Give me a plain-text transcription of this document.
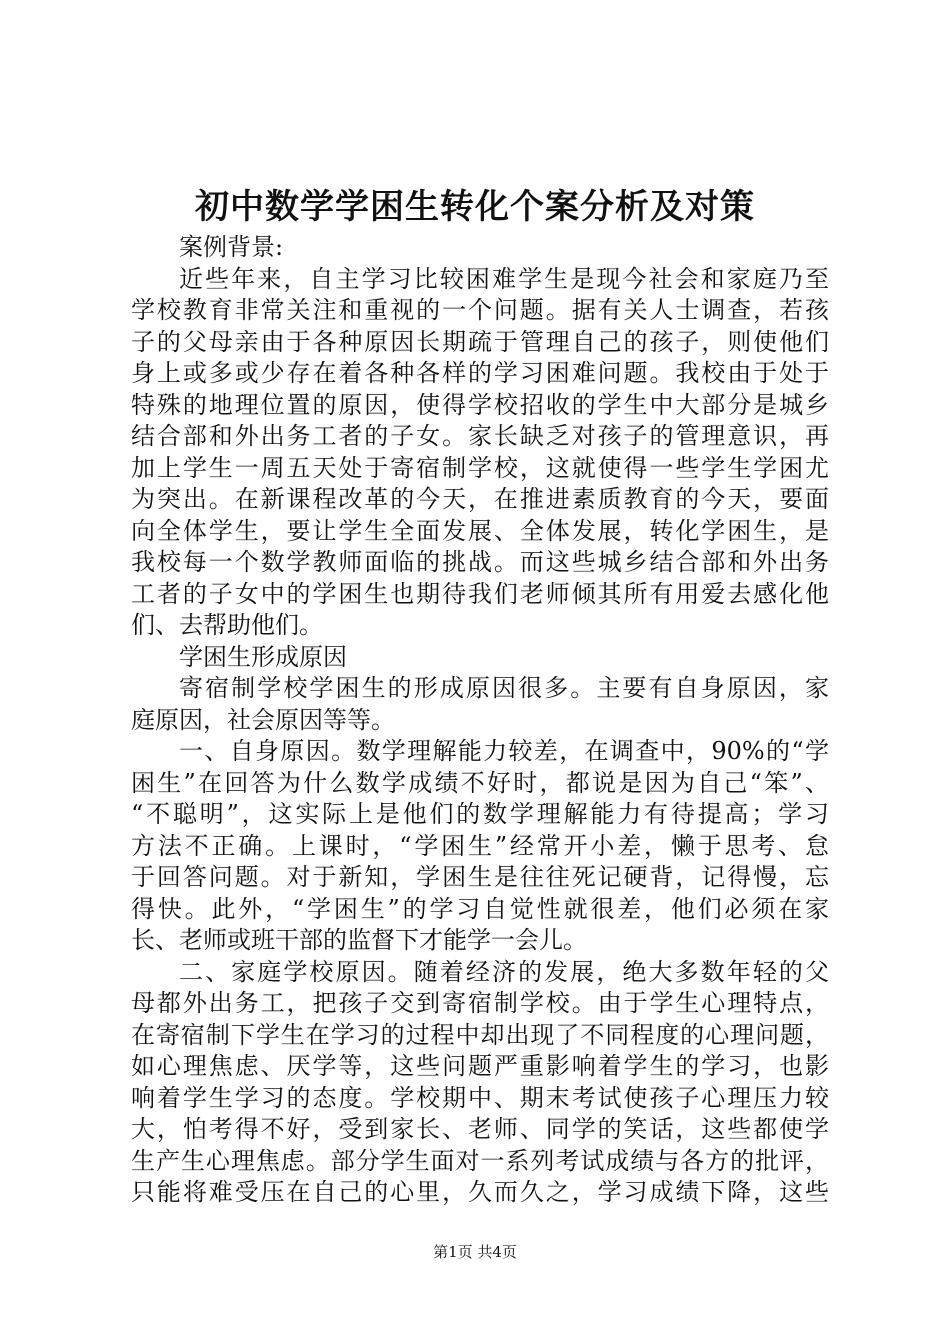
初中数学学困生转化个案分析及对策
案例背景:
近些年来，自主学习比较困难学生是现今社会和家庭乃至
学校教育非常关注和重视的一个问题。据有关人士调查，若孩
子的父母亲由于各种原因长期疏于管理自己的孩子，则使他们
身上或多或少存在着各种各样的学习困难问题。我校由于处于
特殊的地理位置的原因，使得学校招收的学生中大部分是城乡
结合部和外出务工者的子女。家长缺乏对孩子的管理意识，再
加上学生一周五天处于寄宿制学校，这就使得一些学生学困尤
为突出。在新课程改革的今天，在推进素质教育的今天，要面
向全体学生，要让学生全面发展、全体发展，转化学困生，是
我校每一个数学教师面临的挑战。而这些城乡结合部和外出务
工者的子女中的学困生也期待我们老师倾其所有用爱去感化他
们、去帮助他们。
学困生形成原因
寄宿制学校学困生的形成原因很多。主要有自身原因，家
庭原因，社会原因等等。
一、自身原因。数学理解能力较差，在调查中，90%的“学
困生”在回答为什么数学成绩不好时，都说是因为自己“笨”、
“不聪明”，这实际上是他们的数学理解能力有待提高；学习
方法不正确。上课时，“学困生”经常开小差，懒于思考、怠
于回答问题。对于新知，学困生是往往死记硬背，记得慢，忘
得快。此外，“学困生”的学习自觉性就很差，他们必须在家
长、老师或班干部的监督下才能学一会儿。
二、家庭学校原因。随着经济的发展，绝大多数年轻的父
母都外出务工，把孩子交到寄宿制学校。由于学生心理特点，
在寄宿制下学生在学习的过程中却出现了不同程度的心理问题，
如心理焦虑、厌学等，这些问题严重影响着学生的学习，也影
响着学生学习的态度。学校期中、期末考试使孩子心理压力较
大，怕考得不好，受到家长、老师、同学的笑话，这些都使学
生产生心理焦虑。部分学生面对一系列考试成绩与各方的批评，
只能将难受压在自己的心里，久而久之，学习成绩下降，这些
第1页 共4页
